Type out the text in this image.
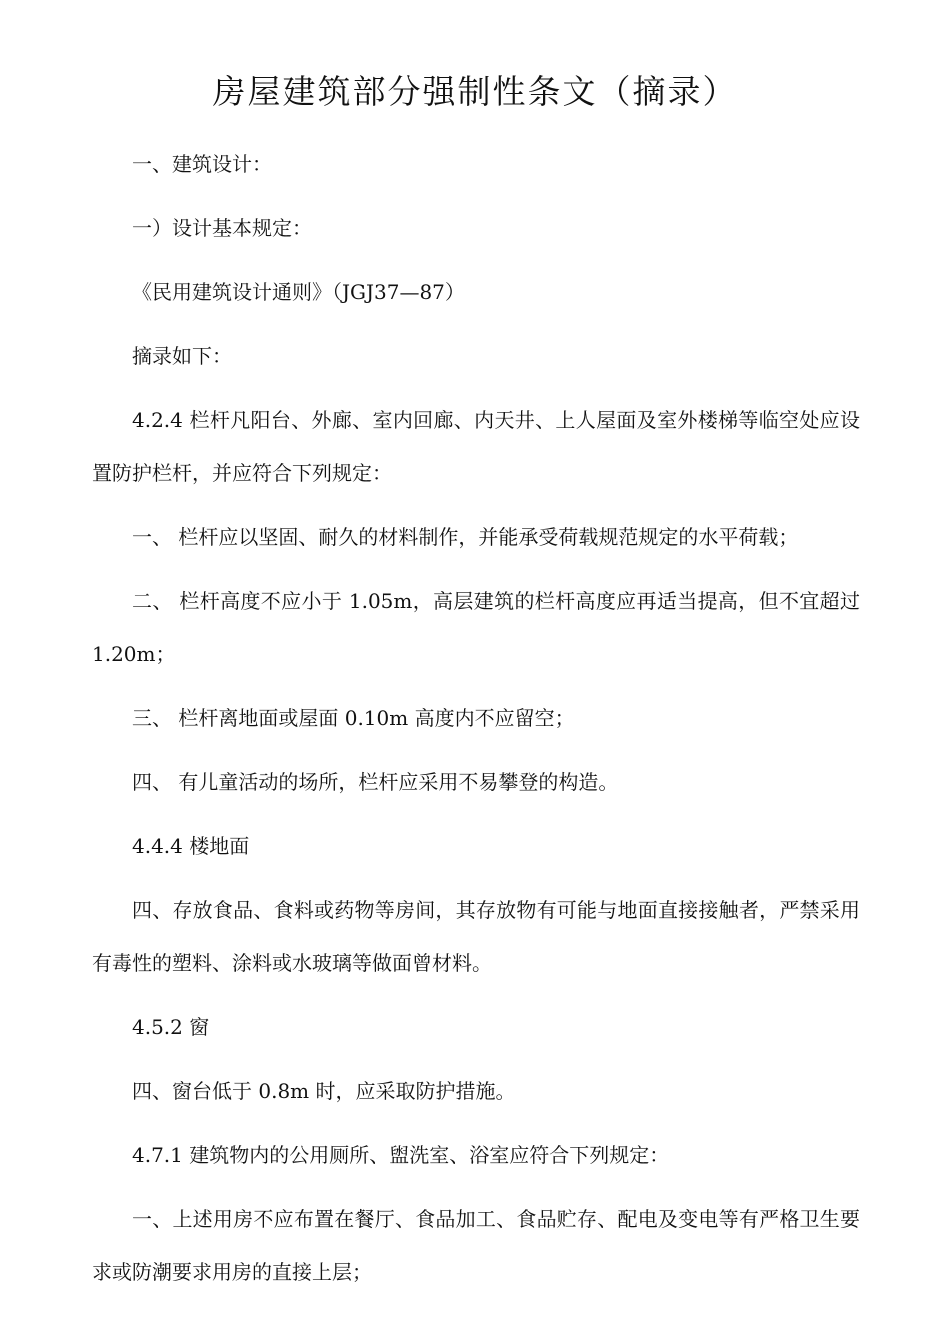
房屋建筑部分强制性条文（摘录）

一、建筑设计：

一）设计基本规定：

《民用建筑设计通则》（JGJ37—87）

摘录如下：

4.2.4 栏杆凡阳台、外廊、室内回廊、内天井、上人屋面及室外楼梯等临空处应设置防护栏杆，并应符合下列规定：

一、 栏杆应以坚固、耐久的材料制作，并能承受荷载规范规定的水平荷载；

二、 栏杆高度不应小于 1.05m，高层建筑的栏杆高度应再适当提高，但不宜超过 1.20m；

三、 栏杆离地面或屋面 0.10m 高度内不应留空；

四、 有儿童活动的场所，栏杆应采用不易攀登的构造。

4.4.4 楼地面

四、存放食品、食料或药物等房间，其存放物有可能与地面直接接触者，严禁采用有毒性的塑料、涂料或水玻璃等做面曾材料。

4.5.2 窗

四、窗台低于 0.8m 时，应采取防护措施。

4.7.1 建筑物内的公用厕所、盥洗室、浴室应符合下列规定：

一、上述用房不应布置在餐厅、食品加工、食品贮存、配电及变电等有严格卫生要求或防潮要求用房的直接上层；
